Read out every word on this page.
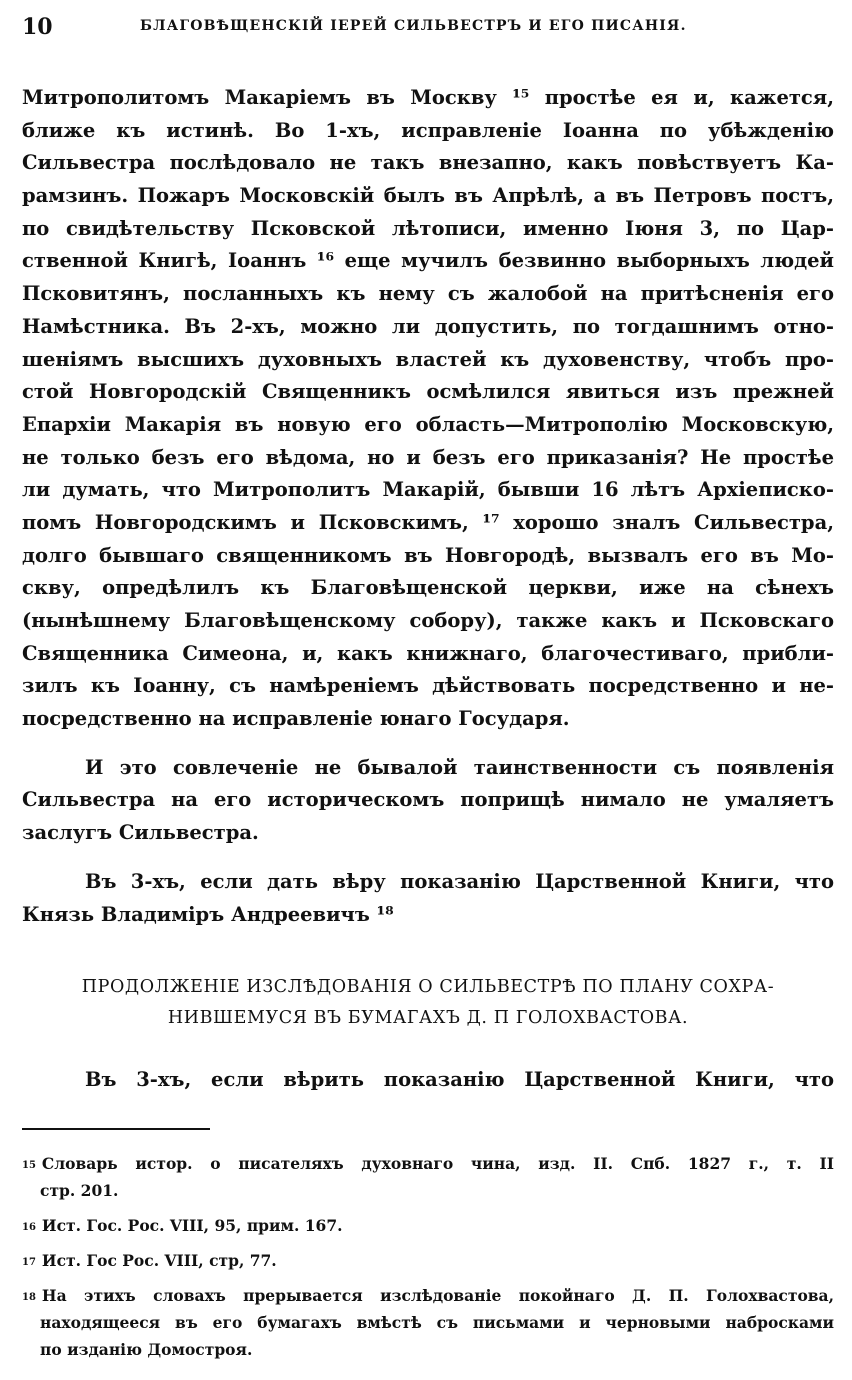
10	БЛАГОВѢЩЕНСКІЙ ІЕРЕЙ СИЛЬВЕСТРЪ И ЕГО ПИСАНІЯ.
Митрополитомъ Макаріемъ въ Москву ¹⁵ простѣе ея и, кажется,
ближе къ истинѣ. Во 1-хъ, исправленіе Іоанна по убѣжденію
Сильвестра послѣдовало не такъ внезапно, какъ повѣствуетъ Ка-
рамзинъ. Пожаръ Московскій былъ въ Апрѣлѣ, а въ Петровъ постъ,
по свидѣтельству Псковской лѣтописи, именно Іюня 3, по Цар-
ственной Книгѣ, Іоаннъ ¹⁶ еще мучилъ безвинно выборныхъ людей
Псковитянъ, посланныхъ къ нему съ жалобой на притѣсненія его
Намѣстника. Въ 2-хъ, можно ли допустить, по тогдашнимъ отно-
шеніямъ высшихъ духовныхъ властей къ духовенству, чтобъ про-
стой Новгородскій Священникъ осмѣлился явиться изъ прежней
Епархіи Макарія въ новую его область—Митрополію Московскую,
не только безъ его вѣдома, но и безъ его приказанія? Не простѣе
ли думать, что Митрополитъ Макарій, бывши 16 лѣтъ Архіеписко-
помъ Новгородскимъ и Псковскимъ, ¹⁷ хорошо зналъ Сильвестра,
долго бывшаго священникомъ въ Новгородѣ, вызвалъ его въ Мо-
скву, опредѣлилъ къ Благовѣщенской церкви, иже на сѣнехъ
(нынѣшнему Благовѣщенскому собору), также какъ и Псковскаго
Священника Симеона, и, какъ книжнаго, благочестиваго, прибли-
зилъ къ Іоанну, съ намѣреніемъ дѣйствовать посредственно и не-
посредственно на исправленіе юнаго Государя.
И это совлеченіе не бывалой таинственности съ появленія
Сильвестра на его историческомъ поприщѣ нимало не умаляетъ
заслугъ Сильвестра.
Въ 3-хъ, если дать вѣру показанію Царственной Книги, что
Князь Владиміръ Андреевичъ ¹⁸
ПРОДОЛЖЕНІЕ ИЗСЛѢДОВАНІЯ О СИЛЬВЕСТРѢ ПО ПЛАНУ СОХРА-
НИВШЕМУСЯ ВЪ БУМАГАХЪ Д. П ГОЛОХВАСТОВА.
Въ 3-хъ, если вѣрить показанію Царственной Книги, что
$^{15}$ Словарь истор. о писателяхъ духовнаго чина, изд. II. Спб. 1827 г., т. II
стр. 201.
$^{16}$ Ист. Гос. Рос. VIII, 95, прим. 167.
$^{17}$ Ист. Гос Рос. VIII, стр, 77.
$^{18}$ На этихъ словахъ прерывается изслѣдованіе покойнаго Д. П. Голохвастова,
находящееся въ его бумагахъ вмѣстѣ съ письмами и черновыми набросками
по изданію Домостроя.
